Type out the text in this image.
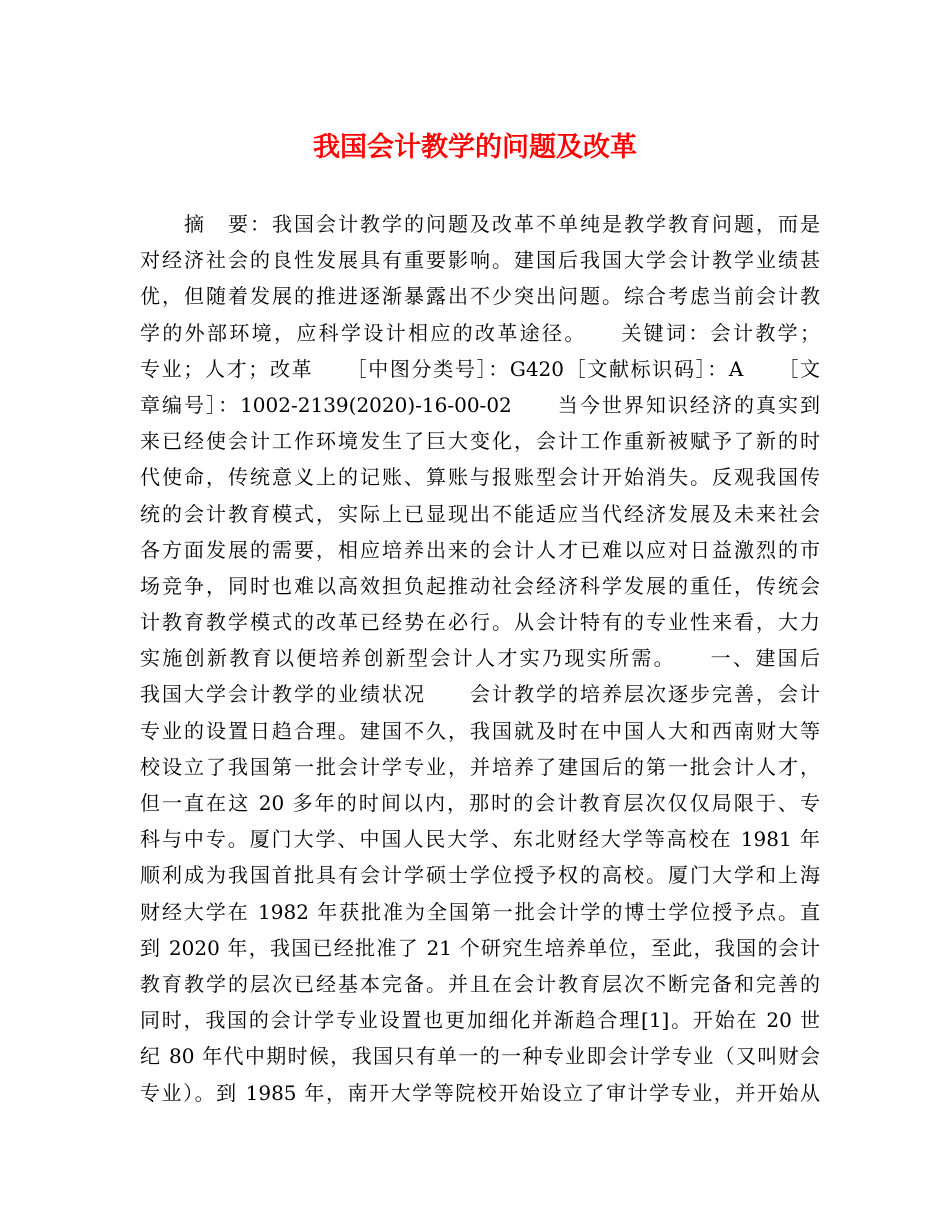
我国会计教学的问题及改革
　　摘　要：我国会计教学的问题及改革不单纯是教学教育问题，而是
对经济社会的良性发展具有重要影响。建国后我国大学会计教学业绩甚
优，但随着发展的推进逐渐暴露出不少突出问题。综合考虑当前会计教
学的外部环境，应科学设计相应的改革途径。　　关键词：会计教学；
专业；人才；改革　　［中图分类号］：G420［文献标识码］：A　　［文
章编号］：1002-2139(2020)-16-00-02　　当今世界知识经济的真实到
来已经使会计工作环境发生了巨大变化，会计工作重新被赋予了新的时
代使命，传统意义上的记账、算账与报账型会计开始消失。反观我国传
统的会计教育模式，实际上已显现出不能适应当代经济发展及未来社会
各方面发展的需要，相应培养出来的会计人才已难以应对日益激烈的市
场竞争，同时也难以高效担负起推动社会经济科学发展的重任，传统会
计教育教学模式的改革已经势在必行。从会计特有的专业性来看，大力
实施创新教育以便培养创新型会计人才实乃现实所需。　　一、建国后
我国大学会计教学的业绩状况　　会计教学的培养层次逐步完善，会计
专业的设置日趋合理。建国不久，我国就及时在中国人大和西南财大等
校设立了我国第一批会计学专业，并培养了建国后的第一批会计人才，
但一直在这 20 多年的时间以内，那时的会计教育层次仅仅局限于、专
科与中专。厦门大学、中国人民大学、东北财经大学等高校在 1981 年
顺利成为我国首批具有会计学硕士学位授予权的高校。厦门大学和上海
财经大学在 1982 年获批准为全国第一批会计学的博士学位授予点。直
到 2020 年，我国已经批准了 21 个研究生培养单位，至此，我国的会计
教育教学的层次已经基本完备。并且在会计教育层次不断完备和完善的
同时，我国的会计学专业设置也更加细化并渐趋合理[1]。开始在 20 世
纪 80 年代中期时候，我国只有单一的一种专业即会计学专业（又叫财会
专业）。到 1985 年，南开大学等院校开始设立了审计学专业，并开始从
